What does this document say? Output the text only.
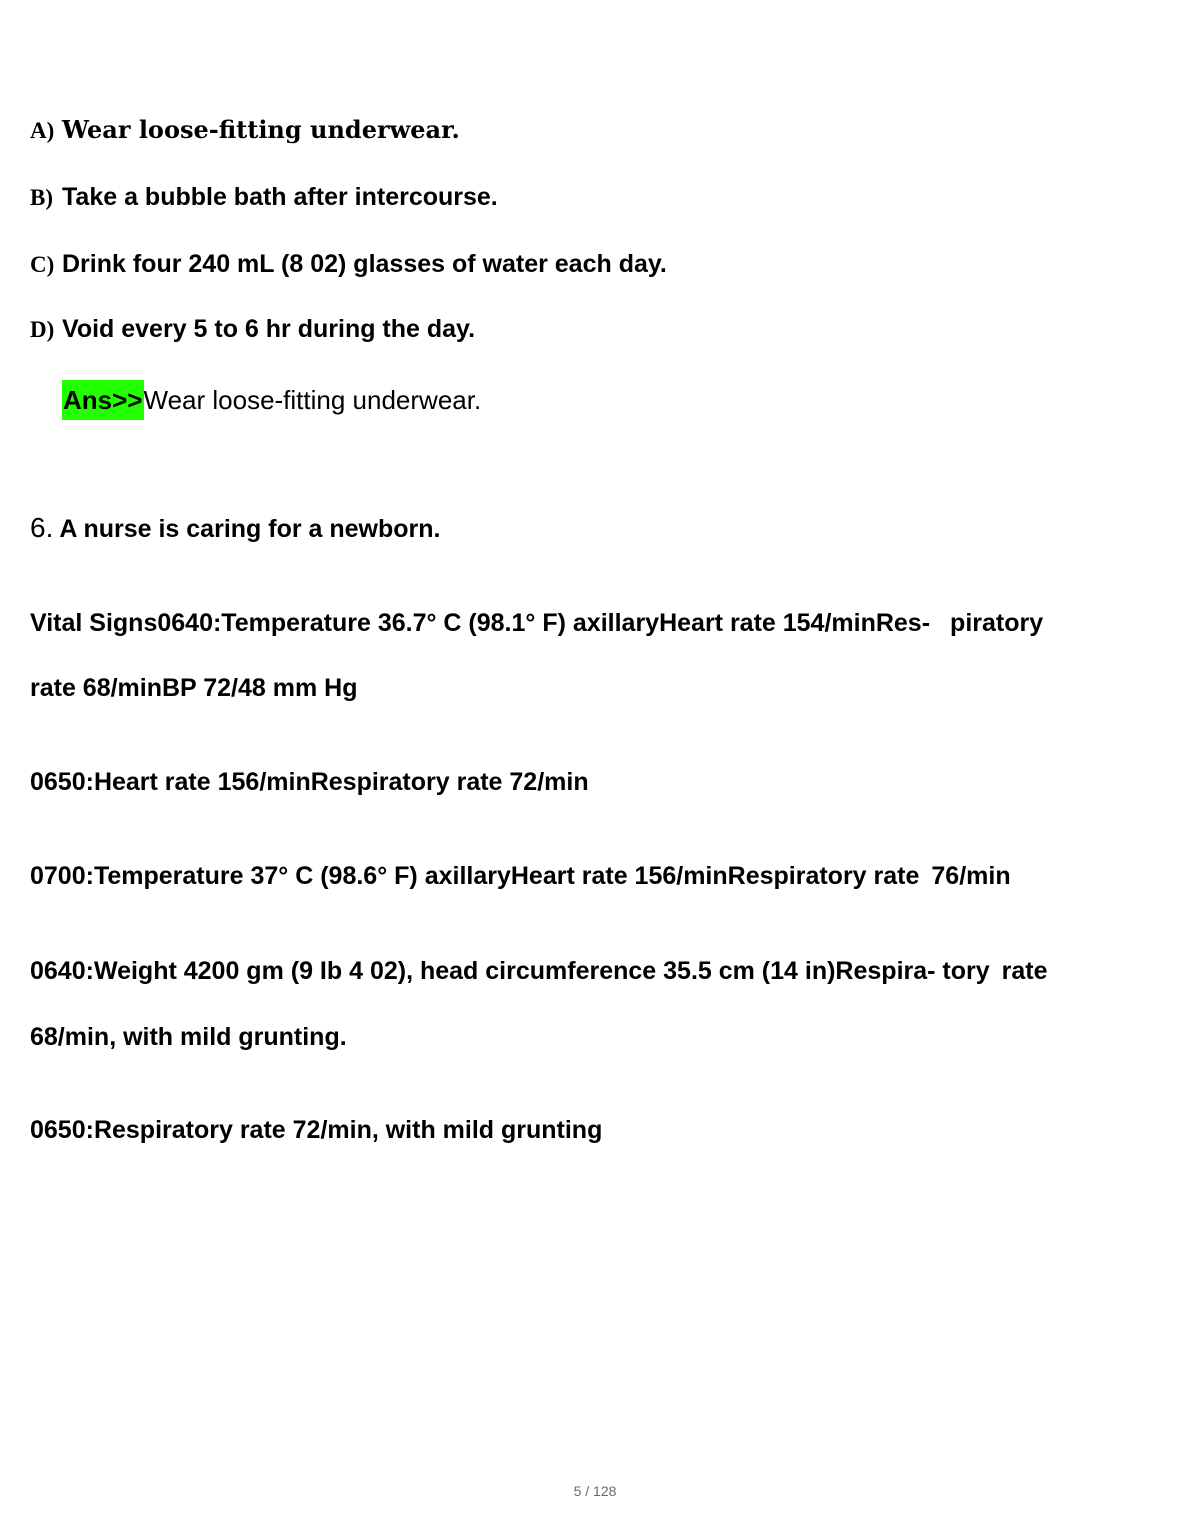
A) Wear loose-fitting underwear.
B) Take a bubble bath after intercourse.
C) Drink four 240 mL (8 02) glasses of water each day.
D) Void every 5 to 6 hr during the day.
Ans>>Wear loose-fitting underwear.
6. A nurse is caring for a newborn.
Vital Signs0640:Temperature 36.7° C (98.1° F) axillaryHeart rate 154/minRes- piratory
rate 68/minBP 72/48 mm Hg
0650:Heart rate 156/minRespiratory rate 72/min
0700:Temperature 37° C (98.6° F) axillaryHeart rate 156/minRespiratory rate 76/min
0640:Weight 4200 gm (9 Ib 4 02), head circumference 35.5 cm (14 in)Respira- tory rate
68/min, with mild grunting.
0650:Respiratory rate 72/min, with mild grunting
5 / 128
